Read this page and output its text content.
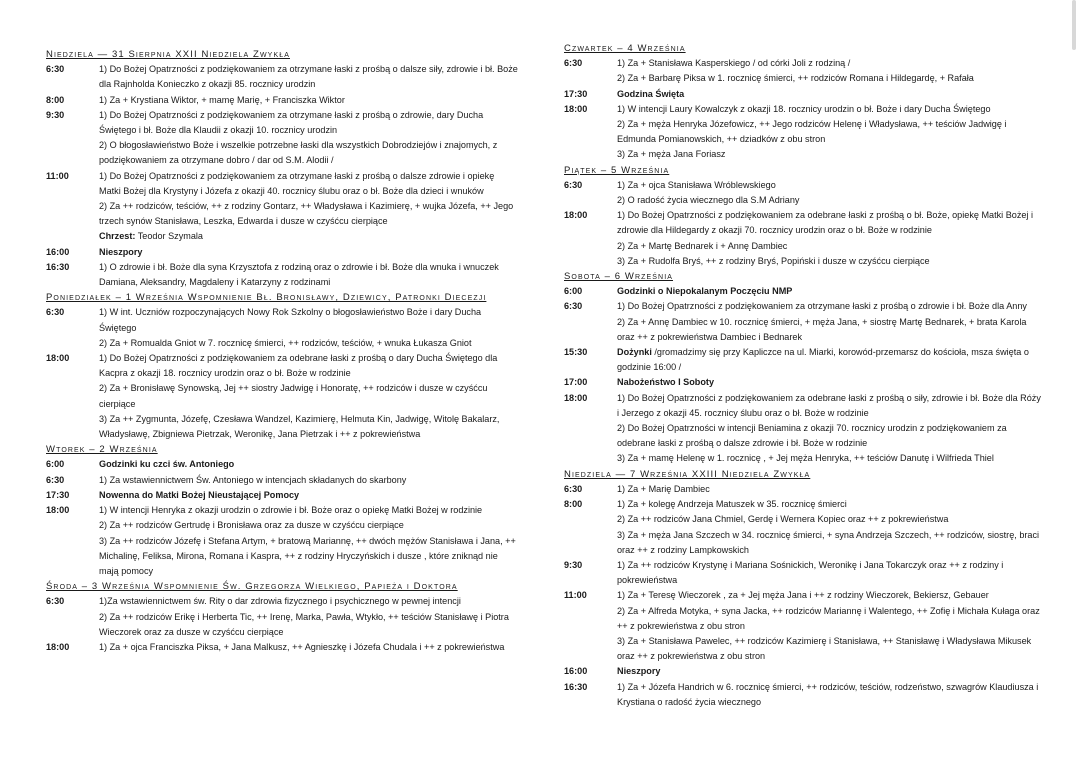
Niedziela — 31 Sierpnia XXII Niedziela Zwykła
6:30	1) Do Bożej Opatrzności z podziękowaniem za otrzymane łaski z prośbą o dalsze siły, zdrowie i bł. Boże dla Rajnholda Konieczko z okazji 85. rocznicy urodzin
8:00	1) Za + Krystiana Wiktor, + mamę Marię, + Franciszka Wiktor
9:30	1) Do Bożej Opatrzności z podziękowaniem za otrzymane łaski z prośbą o zdrowie, dary Ducha Świętego i bł. Boże dla Klaudii z okazji 10. rocznicy urodzin
2) O błogosławieństwo Boże i wszelkie potrzebne łaski dla wszystkich Dobrodziejów i znajomych, z podziękowaniem za otrzymane dobro / dar od S.M. Alodii /
11:00	1) Do Bożej Opatrzności z podziękowaniem za otrzymane łaski z prośbą o dalsze zdrowie i opiekę Matki Bożej dla Krystyny i Józefa z okazji 40. rocznicy ślubu oraz o bł. Boże dla dzieci i wnuków
2) Za ++ rodziców, teściów, ++ z rodziny Gontarz, ++ Władysława i Kazimierę, + wujka Józefa, ++ Jego trzech synów Stanisława, Leszka, Edwarda i dusze w czyśćcu cierpiące
Chrzest: Teodor Szymala
16:00	Nieszpory
16:30	1) O zdrowie i bł. Boże dla syna Krzysztofa z rodziną oraz o zdrowie i bł. Boże dla wnuka i wnuczek Damiana, Aleksandry, Magdaleny i Katarzyny z rodzinami
Poniedziałek – 1 Września Wspomnienie Bł. Bronisławy, Dziewicy, Patronki Diecezji
6:30	1) W int. Uczniów rozpoczynających Nowy Rok Szkolny o błogosławieństwo Boże i dary Ducha Świętego
2) Za + Romualda Gniot w 7. rocznicę śmierci, ++ rodziców, teściów, + wnuka Łukasza Gniot
18:00	1) Do Bożej Opatrzności z podziękowaniem za odebrane łaski z prośbą o dary Ducha Świętego dla Kacpra z okazji 18. rocznicy urodzin oraz o bł. Boże w rodzinie
2) Za + Bronisławę Synowską, Jej ++ siostry Jadwigę i Honoratę, ++ rodziców i dusze w czyśćcu cierpiące
3) Za ++ Zygmunta, Józefę, Czesława Wandzel, Kazimierę, Helmuta Kin, Jadwigę, Witolę Bakalarz, Władysławę, Zbigniewa Pietrzak, Weronikę, Jana Pietrzak i ++ z pokrewieństwa
Wtorek – 2 Września
6:00	Godzinki ku czci św. Antoniego
6:30	1) Za wstawiennictwem Św. Antoniego w intencjach składanych do skarbony
17:30	Nowenna do Matki Bożej Nieustającej Pomocy
18:00	1) W intencji Henryka z okazji urodzin o zdrowie i bł. Boże oraz o opiekę Matki Bożej w rodzinie
2) Za ++ rodziców Gertrudę i Bronisława oraz za dusze w czyśćcu cierpiące
3) Za ++ rodziców Józefę i Stefana Artym, + bratową Mariannę, ++ dwóch mężów Stanisława i Jana, ++ Michalinę, Feliksa, Mirona, Romana i Kaspra, ++ z rodziny Hryczyńskich i dusze , które zniknąd nie mają pomocy
Środa – 3 Września Wspomnienie Św. Grzegorza Wielkiego, Papieża i Doktora
6:30	1)Za wstawiennictwem św. Rity o dar zdrowia fizycznego i psychicznego w pewnej intencji
2) Za ++ rodziców Erikę i Herberta Tic, ++ Irenę, Marka, Pawła, Wtykło, ++ teściów Stanisławę i Piotra Wieczorek oraz za dusze w czyśćcu cierpiące
18:00	1) Za + ojca Franciszka Piksa, + Jana Malkusz, ++ Agnieszkę i Józefa Chudala i ++ z pokrewieństwa
Czwartek – 4 Września
6:30	1) Za + Stanisława Kasperskiego / od córki Joli z rodziną /
2) Za + Barbarę Piksa w 1. rocznicę śmierci, ++ rodziców Romana i Hildegardę, + Rafała
17:30	Godzina Święta
18:00	1) W intencji Laury Kowalczyk z okazji 18. rocznicy urodzin o bł. Boże i dary Ducha Świętego
2) Za + męża Henryka Józefowicz, ++ Jego rodziców Helenę i Władysława, ++ teściów Jadwigę i Edmunda Pomianowskich, ++ dziadków z obu stron
3) Za + męża Jana Foriasz
Piątek – 5 Września
6:30	1) Za + ojca Stanisława Wróblewskiego
2) O radość życia wiecznego dla S.M Adriany
18:00	1) Do Bożej Opatrzności z podziękowaniem za odebrane łaski z prośbą o bł. Boże, opiekę Matki Bożej i zdrowie dla Hildegardy z okazji 70. rocznicy urodzin oraz o bł. Boże w rodzinie
2) Za + Martę Bednarek i + Annę Dambiec
3) Za + Rudolfa Bryś, ++ z rodziny Bryś, Popiński i dusze w czyśćcu cierpiące
Sobota – 6 Września
6:00	Godzinki o Niepokalanym Poczęciu NMP
6:30	1) Do Bożej Opatrzności z podziękowaniem za otrzymane łaski z prośbą o zdrowie i bł. Boże dla Anny
2) Za + Annę Dambiec w 10. rocznicę śmierci, + męża Jana, + siostrę Martę Bednarek, + brata Karola oraz ++ z pokrewieństwa Dambiec i Bednarek
15:30	Dożynki /gromadzimy się przy Kapliczce na ul. Miarki, korowód-przemarsz do kościoła, msza święta o godzinie 16:00 /
17:00	Nabożeństwo I Soboty
18:00	1) Do Bożej Opatrzności z podziękowaniem za odebrane łaski z prośbą o siły, zdrowie i bł. Boże dla Róży i Jerzego z okazji 45. rocznicy ślubu oraz o bł. Boże w rodzinie
2) Do Bożej Opatrzności w intencji Beniamina z okazji 70. rocznicy urodzin z podziękowaniem za odebrane łaski z prośbą o dalsze zdrowie i bł. Boże w rodzinie
3) Za + mamę Helenę w 1. rocznicę , + Jej męża Henryka, ++ teściów Danutę i Wilfrieda Thiel
Niedziela — 7 Września XXIII Niedziela Zwykła
6:30	1) Za + Marię Dambiec
8:00	1) Za + kolegę Andrzeja Matuszek w 35. rocznicę śmierci
2) Za ++ rodziców Jana Chmiel, Gerdę i Wernera Kopiec oraz ++ z pokrewieństwa
3) Za + męża Jana Szczech w 34. rocznicę śmierci, + syna Andrzeja Szczech, ++ rodziców, siostrę, braci oraz ++ z rodziny Lampkowskich
9:30	1) Za ++ rodziców Krystynę i Mariana Sośnickich, Weronikę i Jana Tokarczyk oraz ++ z rodziny i pokrewieństwa
11:00	1) Za + Teresę Wieczorek , za + Jej męża Jana i ++ z rodziny Wieczorek, Bekiersz, Gebauer
2) Za + Alfreda Motyka, + syna Jacka, ++ rodziców Mariannę i Walentego, ++ Zofię i Michała Kułaga oraz ++ z pokrewieństwa z obu stron
3) Za + Stanisława Pawelec, ++ rodziców Kazimierę i Stanisława, ++ Stanisławę i Władysława Mikusek oraz ++ z pokrewieństwa z obu stron
16:00	Nieszpory
16:30	1) Za + Józefa Handrich w 6. rocznicę śmierci, ++ rodziców, teściów, rodzeństwo, szwagrów Klaudiusza i Krystiana o radość życia wiecznego
